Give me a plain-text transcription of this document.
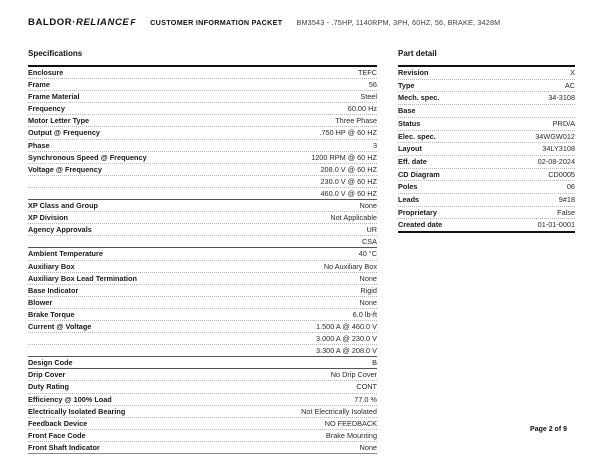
BALDOR·RELIANCEF CUSTOMER INFORMATION PACKET BM3543 - .75HP, 1140RPM, 3PH, 60HZ, 56, BRAKE, 3428M
Specifications
Enclosure	TEFC
Frame	56
Frame Material	Steel
Frequency	60.00 Hz
Motor Letter Type	Three Phase
Output @ Frequency	.750 HP @ 60 HZ
Phase	3
Synchronous Speed @ Frequency	1200 RPM @ 60 HZ
Voltage @ Frequency	208.0 V @ 60 HZ
230.0 V @ 60 HZ
460.0 V @ 60 HZ
XP Class and Group	None
XP Division	Not Applicable
Agency Approvals	UR
CSA
Ambient Temperature	40 °C
Auxiliary Box	No Auxiliary Box
Auxiliary Box Lead Termination	None
Base Indicator	Rigid
Blower	None
Brake Torque	6.0 lb-ft
Current @ Voltage	1.500 A @ 460.0 V
3.000 A @ 230.0 V
3.300 A @ 208.0 V
Design Code	B
Drip Cover	No Drip Cover
Duty Rating	CONT
Efficiency @ 100% Load	77.0 %
Electrically Isolated Bearing	Not Electrically Isolated
Feedback Device	NO FEEDBACK
Front Face Code	Brake Mounting
Front Shaft Indicator	None
Part detail
Revision	X
Type	AC
Mech. spec.	34-3108
Base
Status	PRD/A
Elec. spec.	34WGW012
Layout	34LY3108
Eff. date	02-08-2024
CD Diagram	CD0005
Poles	06
Leads	9#18
Proprietary	False
Created date	01-01-0001
Page 2 of 9
